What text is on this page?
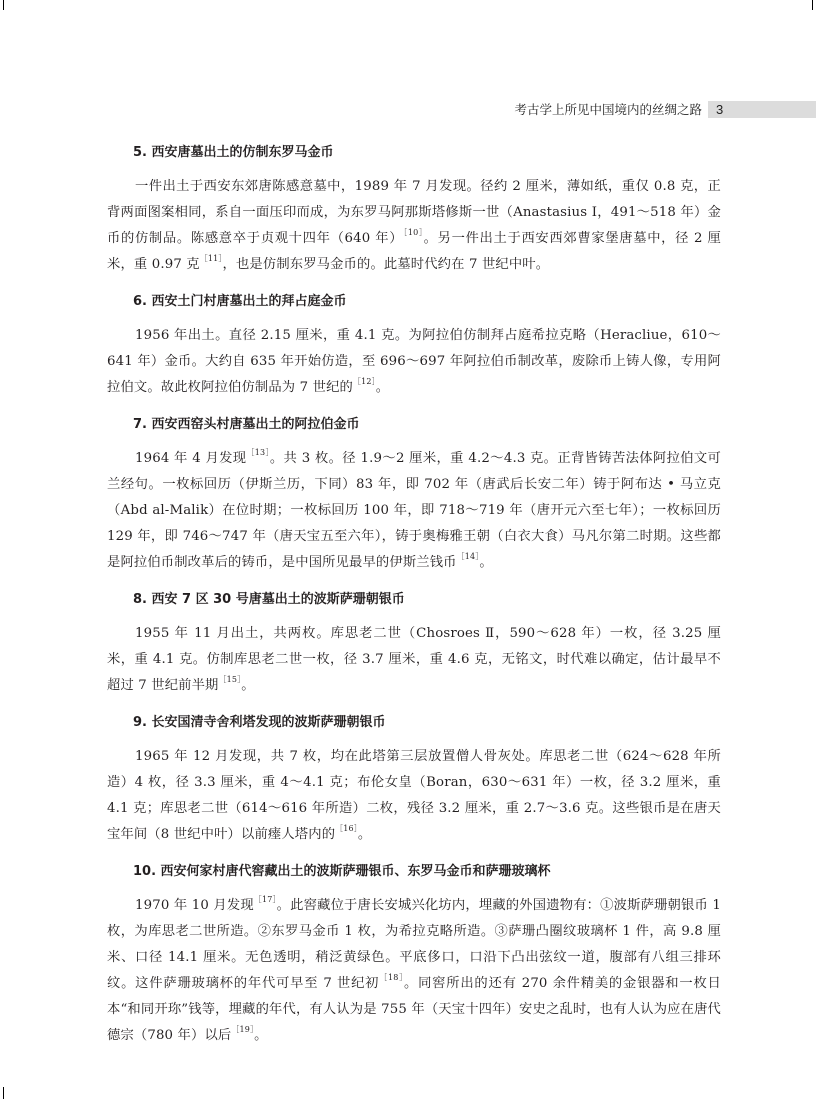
考古学上所见中国境内的丝绸之路 3
5. 西安唐墓出土的仿制东罗马金币

一件出土于西安东郊唐陈感意墓中，1989 年 7 月发现。径约 2 厘米，薄如纸，重仅 0.8 克，正背两面图案相同，系自一面压印而成，为东罗马阿那斯塔修斯一世（Anastasius I，491～518 年）金币的仿制品。陈感意卒于贞观十四年（640 年）$^{[10]}$。另一件出土于西安西郊曹家堡唐墓中，径 2 厘米，重 0.97 克$^{[11]}$，也是仿制东罗马金币的。此墓时代约在 7 世纪中叶。

6. 西安土门村唐墓出土的拜占庭金币

1956 年出土。直径 2.15 厘米，重 4.1 克。为阿拉伯仿制拜占庭希拉克略（Heracliue，610～641 年）金币。大约自 635 年开始仿造，至 696～697 年阿拉伯币制改革，废除币上铸人像，专用阿拉伯文。故此枚阿拉伯仿制品为 7 世纪的$^{[12]}$。

7. 西安西窑头村唐墓出土的阿拉伯金币

1964 年 4 月发现$^{[13]}$。共 3 枚。径 1.9～2 厘米，重 4.2～4.3 克。正背皆铸苦法体阿拉伯文可兰经句。一枚标回历（伊斯兰历，下同）83 年，即 702 年（唐武后长安二年）铸于阿布达 • 马立克（Abd al-Malik）在位时期；一枚标回历 100 年，即 718～719 年（唐开元六至七年）；一枚标回历 129 年，即 746～747 年（唐天宝五至六年），铸于奥梅雅王朝（白衣大食）马凡尔第二时期。这些都是阿拉伯币制改革后的铸币，是中国所见最早的伊斯兰钱币$^{[14]}$。

8. 西安 7 区 30 号唐墓出土的波斯萨珊朝银币

1955 年 11 月出土，共两枚。库思老二世（Chosroes Ⅱ，590～628 年）一枚，径 3.25 厘米，重 4.1 克。仿制库思老二世一枚，径 3.7 厘米，重 4.6 克，无铭文，时代难以确定，估计最早不超过 7 世纪前半期$^{[15]}$。

9. 长安国清寺舍利塔发现的波斯萨珊朝银币

1965 年 12 月发现，共 7 枚，均在此塔第三层放置僧人骨灰处。库思老二世（624～628 年所造）4 枚，径 3.3 厘米，重 4～4.1 克；布伦女皇（Boran，630～631 年）一枚，径 3.2 厘米，重 4.1 克；库思老二世（614～616 年所造）二枚，残径 3.2 厘米，重 2.7～3.6 克。这些银币是在唐天宝年间（8 世纪中叶）以前瘗人塔内的$^{[16]}$。

10. 西安何家村唐代窖藏出土的波斯萨珊银币、东罗马金币和萨珊玻璃杯

1970 年 10 月发现$^{[17]}$。此窖藏位于唐长安城兴化坊内，埋藏的外国遗物有：①波斯萨珊朝银币 1 枚，为库思老二世所造。②东罗马金币 1 枚，为希拉克略所造。③萨珊凸圈纹玻璃杯 1 件，高 9.8 厘米、口径 14.1 厘米。无色透明，稍泛黄绿色。平底侈口，口沿下凸出弦纹一道，腹部有八组三排环纹。这件萨珊玻璃杯的年代可早至 7 世纪初$^{[18]}$。同窖所出的还有 270 余件精美的金银器和一枚日本“和同开珎”钱等，埋藏的年代，有人认为是 755 年（天宝十四年）安史之乱时，也有人认为应在唐代德宗（780 年）以后$^{[19]}$。
